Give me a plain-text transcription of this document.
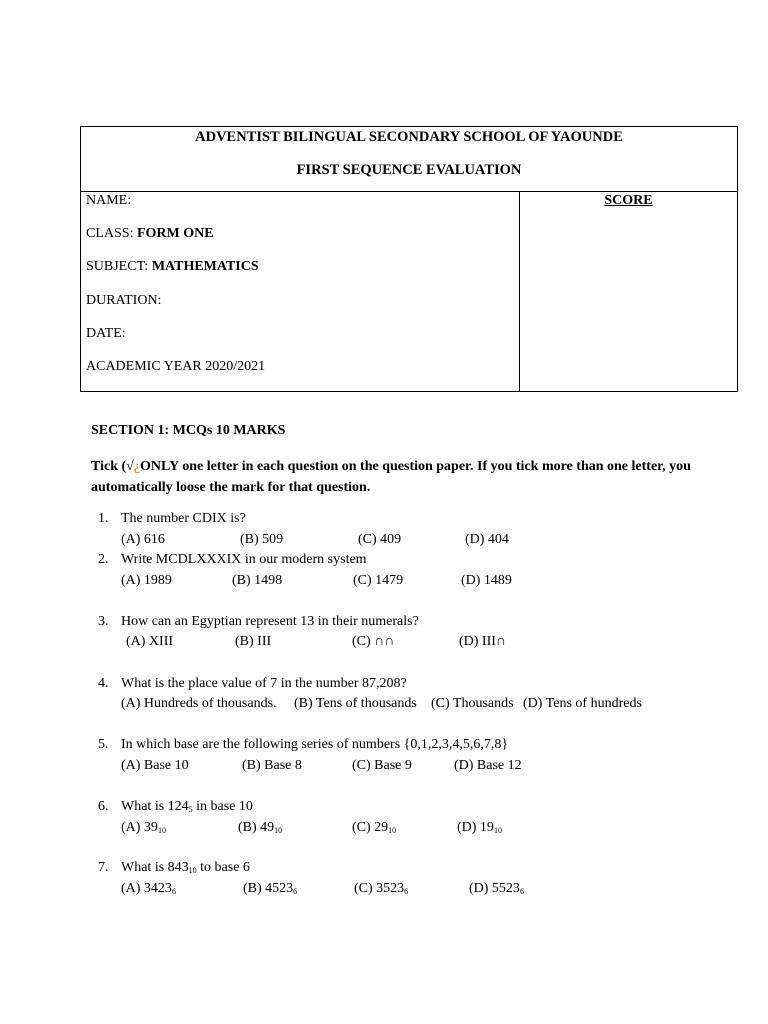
ADVENTIST BILINGUAL SECONDARY SCHOOL OF YAOUNDE
FIRST SEQUENCE EVALUATION

NAME:
CLASS: FORM ONE
SUBJECT: MATHEMATICS
DURATION:
DATE:
ACADEMIC YEAR 2020/2021
	SCORE
SECTION 1: MCQs 10 MARKS
Tick (√¿ONLY one letter in each question on the question paper. If you tick more than one letter, you automatically loose the mark for that question.
1. The number CDIX is?
(A) 616	(B) 509	(C) 409	(D) 404
2. Write MCDLXXXIX in our modern system
(A) 1989	(B) 1498	(C) 1479	(D) 1489
3. How can an Egyptian represent 13 in their numerals?
(A) XIII	(B) III	(C) ∩∩	(D) III∩
4. What is the place value of 7 in the number 87,208?
(A) Hundreds of thousands. (B) Tens of thousands (C) Thousands (D) Tens of hundreds
5. In which base are the following series of numbers {0,1,2,3,4,5,6,7,8}
(A) Base 10	(B) Base 8	(C) Base 9	(D) Base 12
6. What is $124_5$ in base 10
(A) $39_{10}$	(B) $49_{10}$	(C) $29_{10}$	(D) $19_{10}$
7. What is $843_{10}$ to base 6
(A) $3423_6$	(B) $4523_6$	(C) $3523_6$	(D) $5523_6$
